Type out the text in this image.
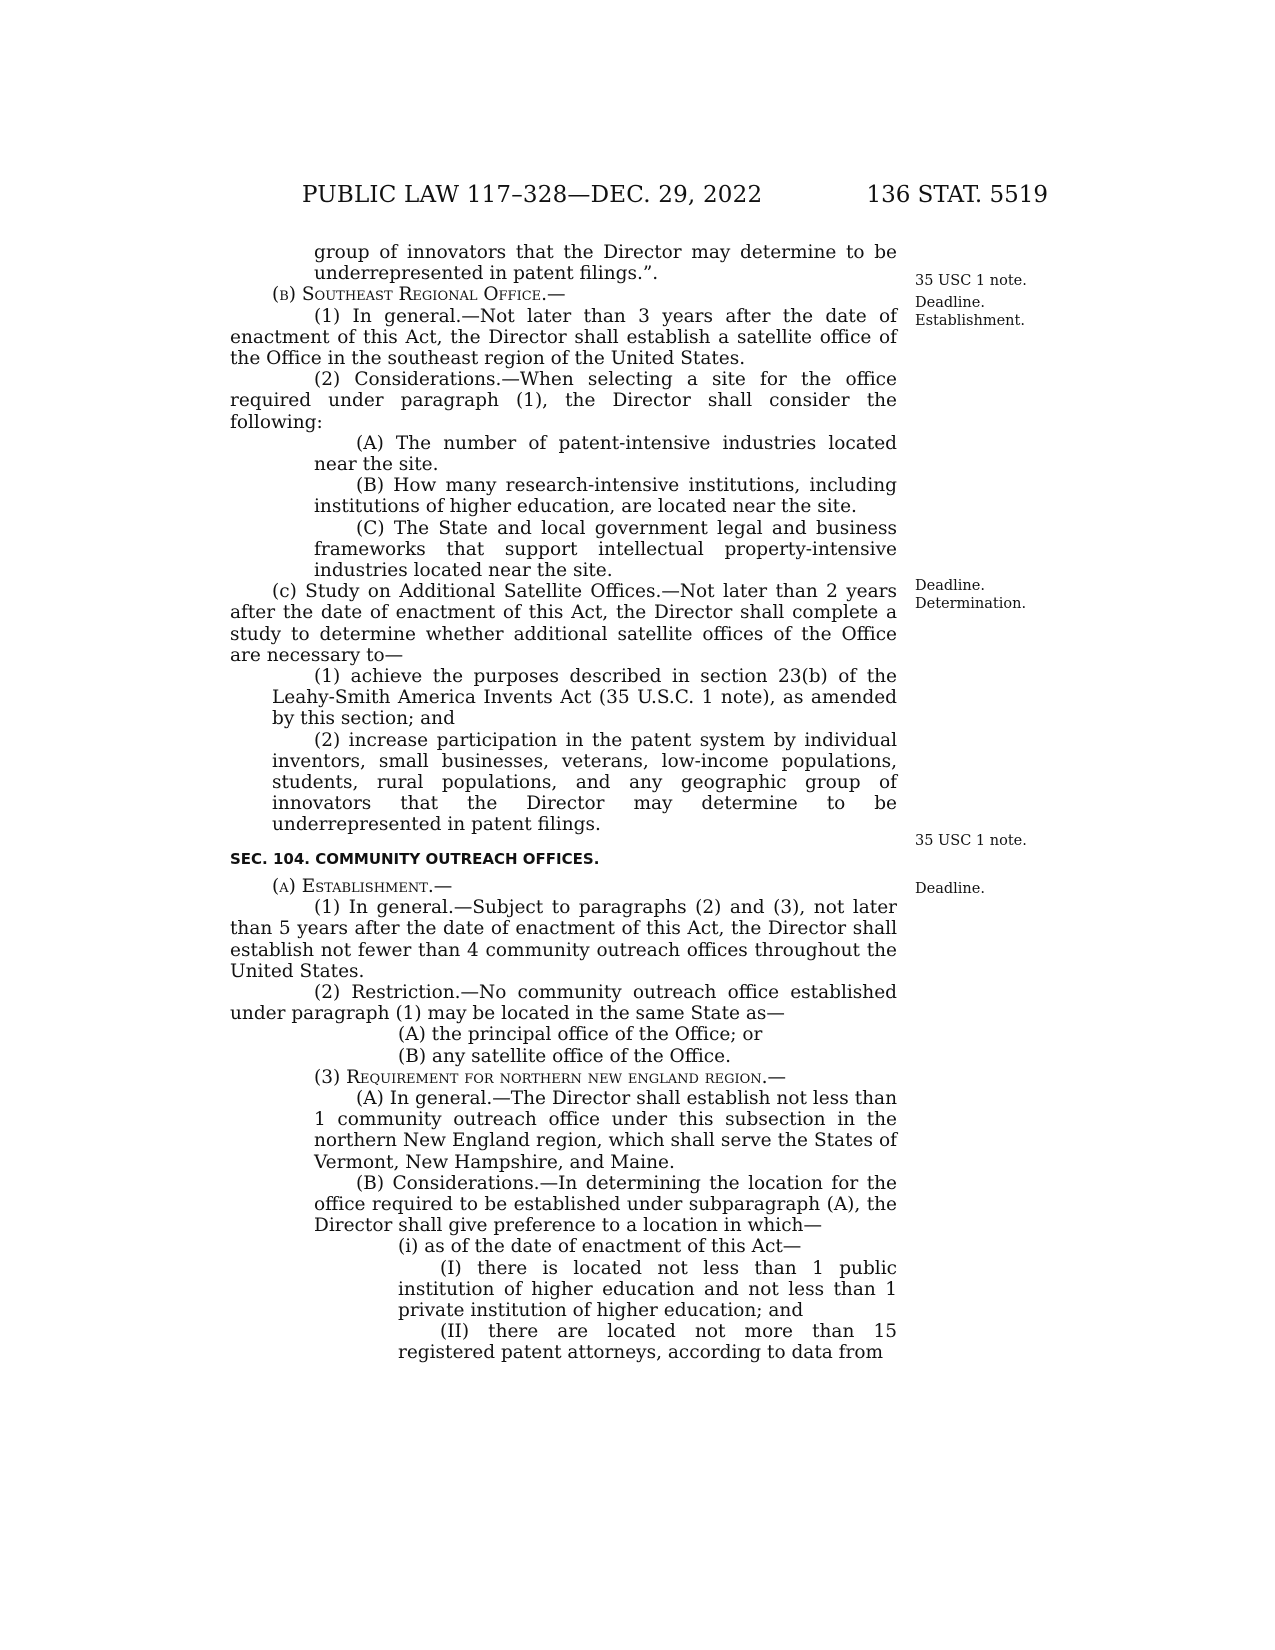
PUBLIC LAW 117–328—DEC. 29, 2022	136 STAT. 5519

group of innovators that the Director may determine to be underrepresented in patent filings.”.

(b) Southeast Regional Office.—

(1) In general.—Not later than 3 years after the date of enactment of this Act, the Director shall establish a satellite office of the Office in the southeast region of the United States.

(2) Considerations.—When selecting a site for the office required under paragraph (1), the Director shall consider the following:

(A) The number of patent-intensive industries located near the site.

(B) How many research-intensive institutions, including institutions of higher education, are located near the site.

(C) The State and local government legal and business frameworks that support intellectual property-intensive industries located near the site.

(c) Study on Additional Satellite Offices.—Not later than 2 years after the date of enactment of this Act, the Director shall complete a study to determine whether additional satellite offices of the Office are necessary to—

(1) achieve the purposes described in section 23(b) of the Leahy-Smith America Invents Act (35 U.S.C. 1 note), as amended by this section; and

(2) increase participation in the patent system by individual inventors, small businesses, veterans, low-income populations, students, rural populations, and any geographic group of innovators that the Director may determine to be underrepresented in patent filings.

SEC. 104. COMMUNITY OUTREACH OFFICES.

(a) Establishment.—

(1) In general.—Subject to paragraphs (2) and (3), not later than 5 years after the date of enactment of this Act, the Director shall establish not fewer than 4 community outreach offices throughout the United States.

(2) Restriction.—No community outreach office established under paragraph (1) may be located in the same State as—

(A) the principal office of the Office; or

(B) any satellite office of the Office.

(3) Requirement for northern new england region.—

(A) In general.—The Director shall establish not less than 1 community outreach office under this subsection in the northern New England region, which shall serve the States of Vermont, New Hampshire, and Maine.

(B) Considerations.—In determining the location for the office required to be established under subparagraph (A), the Director shall give preference to a location in which—

(i) as of the date of enactment of this Act—

(I) there is located not less than 1 public institution of higher education and not less than 1 private institution of higher education; and

(II) there are located not more than 15 registered patent attorneys, according to data from

35 USC 1 note.
Deadline.
Establishment.
Deadline.
Determination.
35 USC 1 note.
Deadline.
